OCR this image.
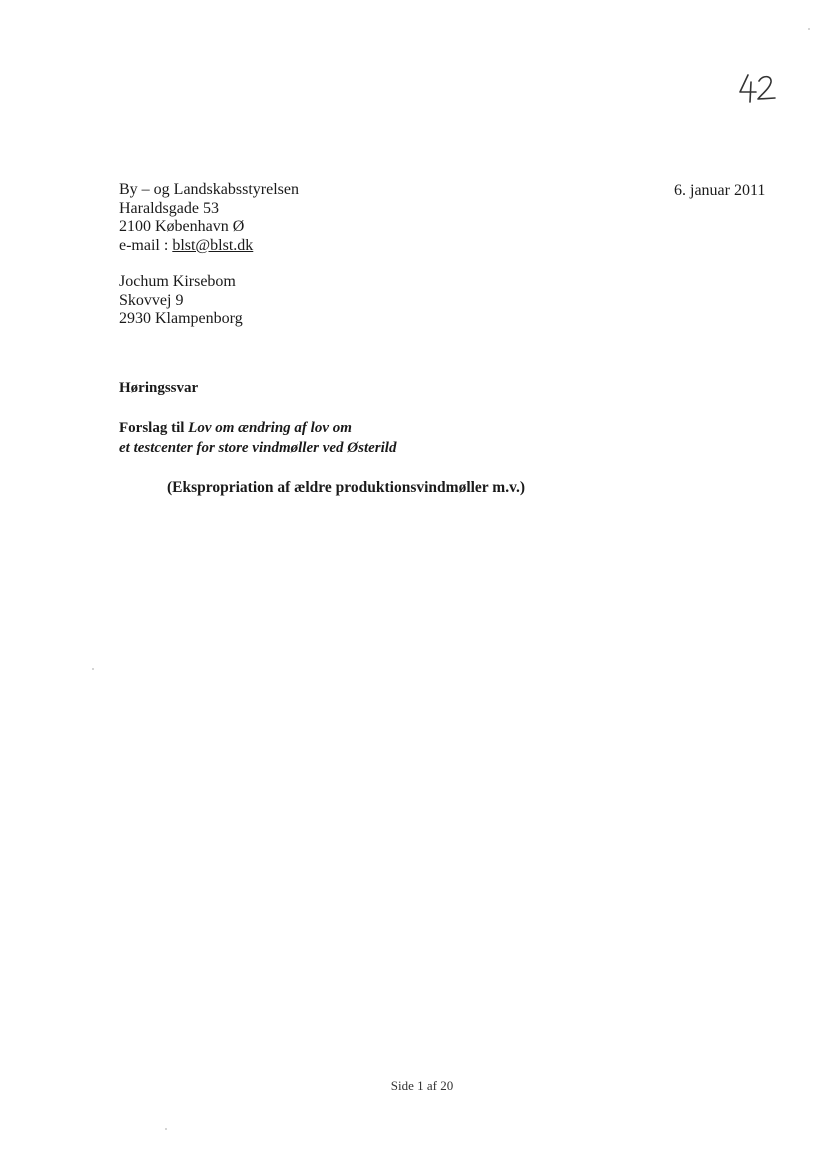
6. januar 2011
By – og Landskabsstyrelsen
Haraldsgade 53
2100 København Ø
e-mail : blst@blst.dk
Jochum Kirsebom
Skovvej 9
2930 Klampenborg
Høringssvar
Forslag til Lov om ændring af lov om
et testcenter for store vindmøller ved Østerild
(Ekspropriation af ældre produktionsvindmøller m.v.)
Side 1 af 20
